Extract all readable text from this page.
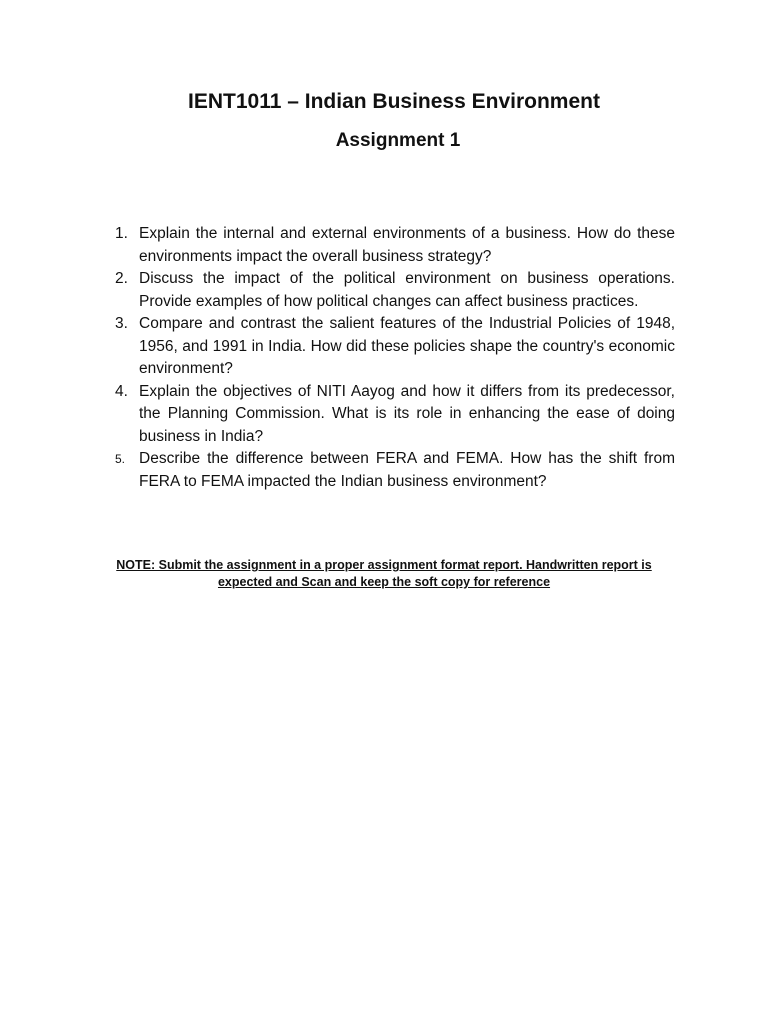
IENT1011 – Indian Business Environment
Assignment 1
1. Explain the internal and external environments of a business. How do these environments impact the overall business strategy?
2. Discuss the impact of the political environment on business operations. Provide examples of how political changes can affect business practices.
3. Compare and contrast the salient features of the Industrial Policies of 1948, 1956, and 1991 in India. How did these policies shape the country's economic environment?
4. Explain the objectives of NITI Aayog and how it differs from its predecessor, the Planning Commission. What is its role in enhancing the ease of doing business in India?
5. Describe the difference between FERA and FEMA. How has the shift from FERA to FEMA impacted the Indian business environment?
NOTE: Submit the assignment in a proper assignment format report. Handwritten report is expected and Scan and keep the soft copy for reference
